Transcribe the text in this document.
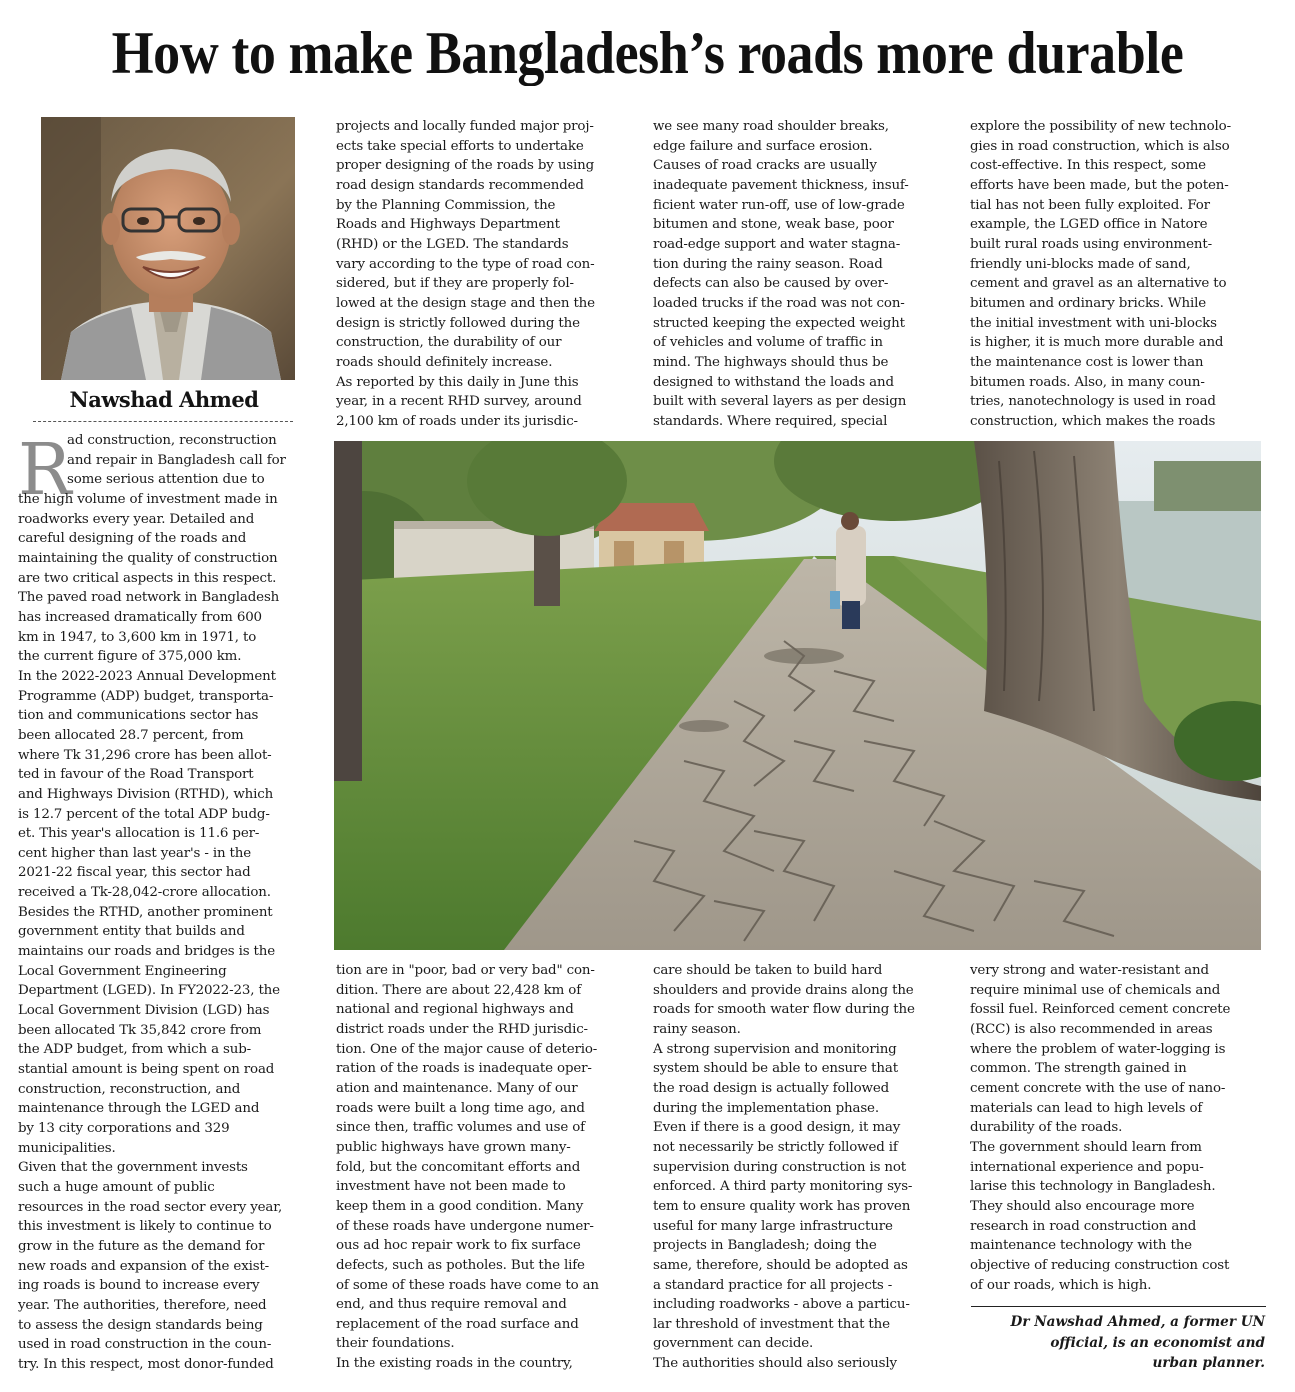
How to make Bangladesh’s roads more durable
Nawshad Ahmed
R
ad construction, reconstruction
and repair in Bangladesh call for
some serious attention due to
the high volume of investment made in
roadworks every year. Detailed and
careful designing of the roads and
maintaining the quality of construction
are two critical aspects in this respect.
The paved road network in Bangladesh
has increased dramatically from 600
km in 1947, to 3,600 km in 1971, to
the current figure of 375,000 km.
In the 2022-2023 Annual Development
Programme (ADP) budget, transporta-
tion and communications sector has
been allocated 28.7 percent, from
where Tk 31,296 crore has been allot-
ted in favour of the Road Transport
and Highways Division (RTHD), which
is 12.7 percent of the total ADP budg-
et. This year's allocation is 11.6 per-
cent higher than last year's - in the
2021-22 fiscal year, this sector had
received a Tk-28,042-crore allocation.
Besides the RTHD, another prominent
government entity that builds and
maintains our roads and bridges is the
Local Government Engineering
Department (LGED). In FY2022-23, the
Local Government Division (LGD) has
been allocated Tk 35,842 crore from
the ADP budget, from which a sub-
stantial amount is being spent on road
construction, reconstruction, and
maintenance through the LGED and
by 13 city corporations and 329
municipalities.
Given that the government invests
such a huge amount of public
resources in the road sector every year,
this investment is likely to continue to
grow in the future as the demand for
new roads and expansion of the exist-
ing roads is bound to increase every
year. The authorities, therefore, need
to assess the design standards being
used in road construction in the coun-
try. In this respect, most donor-funded
projects and locally funded major proj-
ects take special efforts to undertake
proper designing of the roads by using
road design standards recommended
by the Planning Commission, the
Roads and Highways Department
(RHD) or the LGED. The standards
vary according to the type of road con-
sidered, but if they are properly fol-
lowed at the design stage and then the
design is strictly followed during the
construction, the durability of our
roads should definitely increase.
As reported by this daily in June this
year, in a recent RHD survey, around
2,100 km of roads under its jurisdic-
we see many road shoulder breaks,
edge failure and surface erosion.
Causes of road cracks are usually
inadequate pavement thickness, insuf-
ficient water run-off, use of low-grade
bitumen and stone, weak base, poor
road-edge support and water stagna-
tion during the rainy season. Road
defects can also be caused by over-
loaded trucks if the road was not con-
structed keeping the expected weight
of vehicles and volume of traffic in
mind. The highways should thus be
designed to withstand the loads and
built with several layers as per design
standards. Where required, special
explore the possibility of new technolo-
gies in road construction, which is also
cost-effective. In this respect, some
efforts have been made, but the poten-
tial has not been fully exploited. For
example, the LGED office in Natore
built rural roads using environment-
friendly uni-blocks made of sand,
cement and gravel as an alternative to
bitumen and ordinary bricks. While
the initial investment with uni-blocks
is higher, it is much more durable and
the maintenance cost is lower than
bitumen roads. Also, in many coun-
tries, nanotechnology is used in road
construction, which makes the roads
tion are in "poor, bad or very bad" con-
dition. There are about 22,428 km of
national and regional highways and
district roads under the RHD jurisdic-
tion. One of the major cause of deterio-
ration of the roads is inadequate oper-
ation and maintenance. Many of our
roads were built a long time ago, and
since then, traffic volumes and use of
public highways have grown many-
fold, but the concomitant efforts and
investment have not been made to
keep them in a good condition. Many
of these roads have undergone numer-
ous ad hoc repair work to fix surface
defects, such as potholes. But the life
of some of these roads have come to an
end, and thus require removal and
replacement of the road surface and
their foundations.
In the existing roads in the country,
care should be taken to build hard
shoulders and provide drains along the
roads for smooth water flow during the
rainy season.
A strong supervision and monitoring
system should be able to ensure that
the road design is actually followed
during the implementation phase.
Even if there is a good design, it may
not necessarily be strictly followed if
supervision during construction is not
enforced. A third party monitoring sys-
tem to ensure quality work has proven
useful for many large infrastructure
projects in Bangladesh; doing the
same, therefore, should be adopted as
a standard practice for all projects -
including roadworks - above a particu-
lar threshold of investment that the
government can decide.
The authorities should also seriously
very strong and water-resistant and
require minimal use of chemicals and
fossil fuel. Reinforced cement concrete
(RCC) is also recommended in areas
where the problem of water-logging is
common. The strength gained in
cement concrete with the use of nano-
materials can lead to high levels of
durability of the roads.
The government should learn from
international experience and popu-
larise this technology in Bangladesh.
They should also encourage more
research in road construction and
maintenance technology with the
objective of reducing construction cost
of our roads, which is high.
Dr Nawshad Ahmed, a former UN
official, is an economist and
urban planner.
